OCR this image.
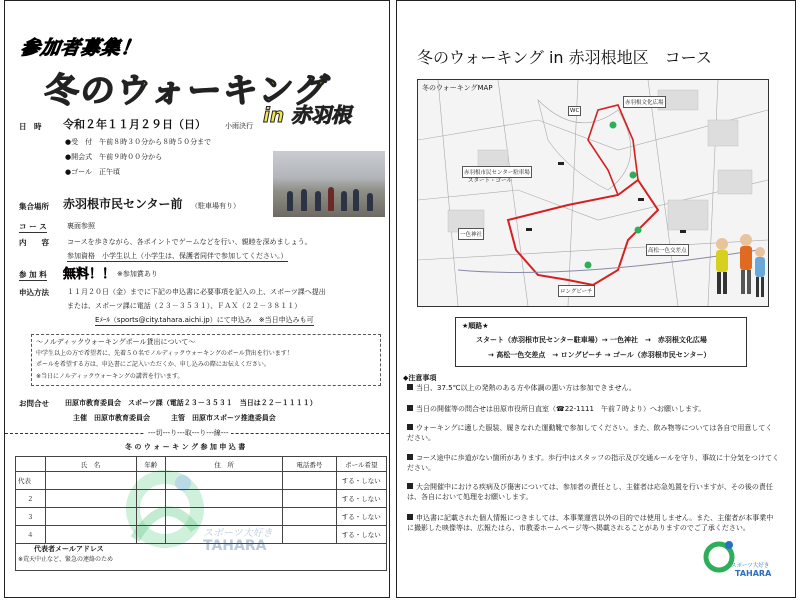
参加者募集！
冬のウォーキング
in 赤羽根
日　時 令和２年１１月２９日（日）	小雨決行
●受　付　午前８時３０分から８時５０分まで
●開会式　午前９時００分から
●ゴール　正午頃
集合場所 赤羽根市民センター前 （駐車場有り）
コ ー ス	裏面参照
内　　容	コースを歩きながら、各ポイントでゲームなどを行い、親睦を深めましょう。
参加資格　小学生以上（小学生は、保護者同伴で参加してください。）
参 加 料 無料！！ ※参加賞あり
申込方法	１１月２０日（金）までに下記の申込書に必要事項を記入の上、スポーツ課へ提出
または、スポーツ課に電話（２３－３５３１）、ＦＡＸ（２２－３８１１）
Eﾒｰﾙ（sports@city.tahara.aichi.jp）にて申込み　※当日申込みも可
～ノルディックウォーキングポール貸出について～
中学生以上の方で希望者に、先着５０名でノルディックウォーキングのポール貸出を行います！
ポールを希望する方は、申込書にご記入いただくか、申し込みの際にお伝えください。
※当日にノルディックウォーキングの講習を行います。
お問合せ 田原市教育委員会　スポーツ課（電話２３－３５３１　当日は２２－１１１１）
主催　田原市教育委員会　　　主管　田原市スポーツ推進委員会
---切---り---取---り---線---
冬 の ウ ォ ー キ ン グ 参 加 申 込 書
スポーツ大好き
TAHARA
	氏　名	年齢	住　所	電話番号	ポール希望
代表					する・しない
２					する・しない
３					する・しない
４					する・しない

代表者メールアドレス
※荒天中止など、緊急の連絡のため					
冬のウォーキング in 赤羽根地区　コース
冬のウォーキングMAP
赤羽根市民センター駐車場
スタート・ゴール
赤羽根文化広場
一色神社
ロングビーチ
高松一色交差点
WC
★順路★
スタート（赤羽根市民センター駐車場）→ 一色神社　→　赤羽根文化広場
→ 高松一色交差点　→ ロングビーチ → ゴール（赤羽根市民センター）
◆注意事項
当日、37.5℃以上の発熱のある方や体調の悪い方は参加できません。
当日の開催等の問合せは田原市役所日直室（☎22-1111　午前７時より）へお願いします。
ウォーキングに適した服装、履きなれた運動靴で参加してください。また、飲み物等については各自で用意してください。
コース途中に歩道がない箇所があります。歩行中はスタッフの指示及び交通ルールを守り、事故に十分気をつけてください。
大会開催中における疾病及び傷害については、参加者の責任とし、主催者は応急処置を行いますが、その後の責任は、各自において処理をお願いします。
申込書に記載された個人情報につきましては、本事業運営以外の目的では使用しません。また、主催者が本事業中に撮影した映像等は、広報たはら、市教委ホームページ等へ掲載されることがありますのでご了承ください。
スポーツ大好き
TAHARA
